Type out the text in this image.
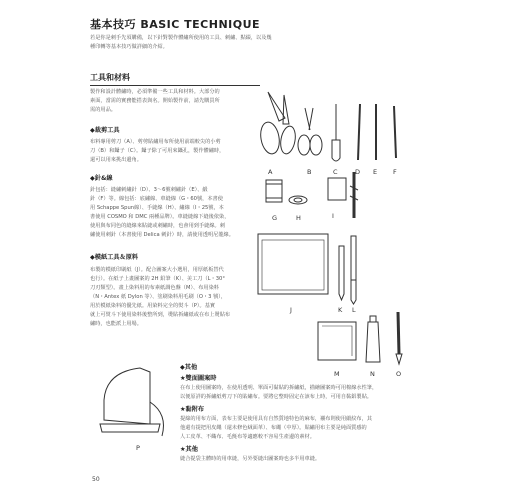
基本技巧 BASIC TECHNIQUE
若是你是刺手先須購備，以下針對製作體繡所使用的工具、刺繡、點綴，以及幾
種印轉等基本技巧做詳細的介紹。
工具和材料
製作和設計體繡時，必須準備一些工具和材料。大部分的
素面，當需的實務能搭表與名。開始製作前，請先購買所
需的用品。
◆裁剪工具
布料專用剪刀（A）、剪剪貼繡用布所使用前端較尖的小剪
刀（B）和鑷子（C）。鑷子除了可用來鑷孔，製作體繡時，
還可以用來挑出邊角。
◆針&線
針包括：縫繡刺繡針（D）、3～6號刺繡針（E）、緞
針（F）等。線包括：底繡線、車縫線（G・60號，本書使
用 Schappe Spun線）、手縫線（H）、繡線（I・25號，本
書使用 COSMO 和 DMC 兩種品牌）。車縫縫線下縫後依染，
使用與布同色的縫線來貼縫或刺繡時，也會用到手縫線。刺
繡使用刺針（本書使用 Delica 刺針）時，請使用透明尼龍線。
◆模紙工具＆原料
布製的模紙印刷紙（J）。配合圖案大小選用，用厚紙板替代
也行）。在紙子上畫圖案的 2H 鉛筆（K）、美工刀（L・30°
刀刃類型）。畫上染料用的布素紙調色盤（M）、布用染料
（N・Antex 紙 Dylon 等）、塗刷染料用毛刷（O・3 號），
用於模紙染料的優先紙。用染料完全的熨斗（P）。基實
就上可熨斗下使用染料後整所到，燙貼拆繡紙或在布上燙貼布
繡時，也能派上用場。
A	B	C	D E F
G	H	I
J	K L
M	N	O
P
◆其他
★雙面圖案時
在布上使用圖案時，在使用透明、單面可黏貼的拆繡紙，描繪圖案時可用棉線水性筆，
以便原詳的拆繡紙剪刀下的貼繡布。要將它整時固定在該布上時，可用自黏鋁製貼。
★黏附布
提綠的用布方面，表布主要是使用具有自然質地特色的麻布，襯布則使用緞紋布，其
他還有提把用皮繩（還未修色絨面革）、布繩（中厚）。貼繡用布主要是純面質感的
人工皮革、不織布、毛氈布等適應較不容易生產邊的素材。
★其他
縫合提袋主體時的用車縫，另外要縫出圖案時也多半用車縫。
50
